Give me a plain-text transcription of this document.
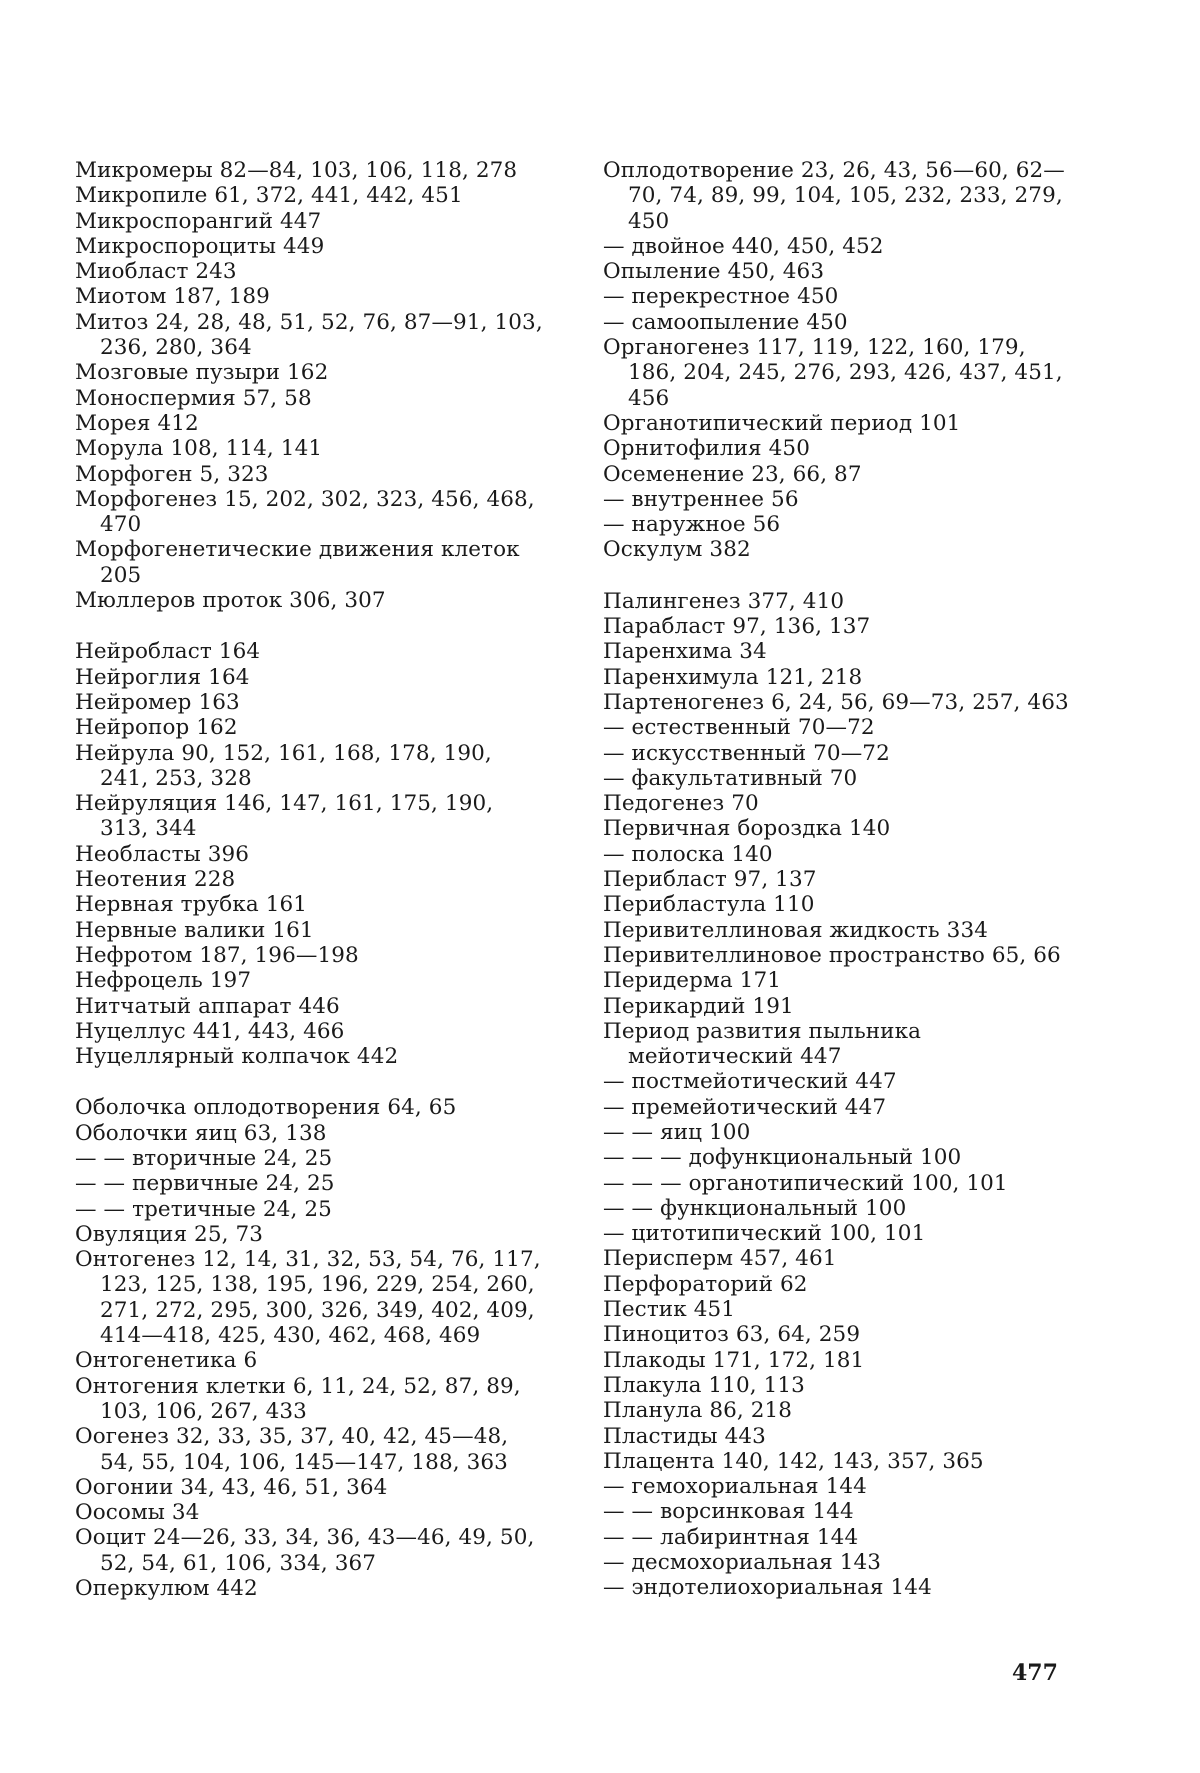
Микромеры 82—84, 103, 106, 118, 278
Микропиле 61, 372, 441, 442, 451
Микроспорангий 447
Микроспороциты 449
Миобласт 243
Миотом 187, 189
Митоз 24, 28, 48, 51, 52, 76, 87—91, 103, 236, 280, 364
Мозговые пузыри 162
Моноспермия 57, 58
Морея 412
Морула 108, 114, 141
Морфоген 5, 323
Морфогенез 15, 202, 302, 323, 456, 468, 470
Морфогенетические движения клеток 205
Мюллеров проток 306, 307
Нейробласт 164
Нейроглия 164
Нейромер 163
Нейропор 162
Нейрула 90, 152, 161, 168, 178, 190, 241, 253, 328
Нейруляция 146, 147, 161, 175, 190, 313, 344
Необласты 396
Неотения 228
Нервная трубка 161
Нервные валики 161
Нефротом 187, 196—198
Нефроцель 197
Нитчатый аппарат 446
Нуцеллус 441, 443, 466
Нуцеллярный колпачок 442
Оболочка оплодотворения 64, 65
Оболочки яиц 63, 138
— — вторичные 24, 25
— — первичные 24, 25
— — третичные 24, 25
Овуляция 25, 73
Онтогенез 12, 14, 31, 32, 53, 54, 76, 117, 123, 125, 138, 195, 196, 229, 254, 260, 271, 272, 295, 300, 326, 349, 402, 409, 414—418, 425, 430, 462, 468, 469
Онтогенетика 6
Онтогения клетки 6, 11, 24, 52, 87, 89, 103, 106, 267, 433
Оогенез 32, 33, 35, 37, 40, 42, 45—48, 54, 55, 104, 106, 145—147, 188, 363
Оогонии 34, 43, 46, 51, 364
Оосомы 34
Ооцит 24—26, 33, 34, 36, 43—46, 49, 50, 52, 54, 61, 106, 334, 367
Оперкулюм 442
Оплодотворение 23, 26, 43, 56—60, 62—70, 74, 89, 99, 104, 105, 232, 233, 279, 450
— двойное 440, 450, 452
Опыление 450, 463
— перекрестное 450
— самоопыление 450
Органогенез 117, 119, 122, 160, 179, 186, 204, 245, 276, 293, 426, 437, 451, 456
Органотипический период 101
Орнитофилия 450
Осеменение 23, 66, 87
— внутреннее 56
— наружное 56
Оскулум 382
Палингенез 377, 410
Парабласт 97, 136, 137
Паренхима 34
Паренхимула 121, 218
Партеногенез 6, 24, 56, 69—73, 257, 463
— естественный 70—72
— искусственный 70—72
— факультативный 70
Педогенез 70
Первичная бороздка 140
— полоска 140
Перибласт 97, 137
Перибластула 110
Перивителлиновая жидкость 334
Перивителлиновое пространство 65, 66
Перидерма 171
Перикардий 191
Период развития пыльника мейотический 447
— постмейотический 447
— премейотический 447
— — яиц 100
— — — дофункциональный 100
— — — органотипический 100, 101
— — функциональный 100
— цитотипический 100, 101
Перисперм 457, 461
Перфораторий 62
Пестик 451
Пиноцитоз 63, 64, 259
Плакоды 171, 172, 181
Плакула 110, 113
Планула 86, 218
Пластиды 443
Плацента 140, 142, 143, 357, 365
— гемохориальная 144
— — ворсинковая 144
— — лабиринтная 144
— десмохориальная 143
— эндотелиохориальная 144
477
